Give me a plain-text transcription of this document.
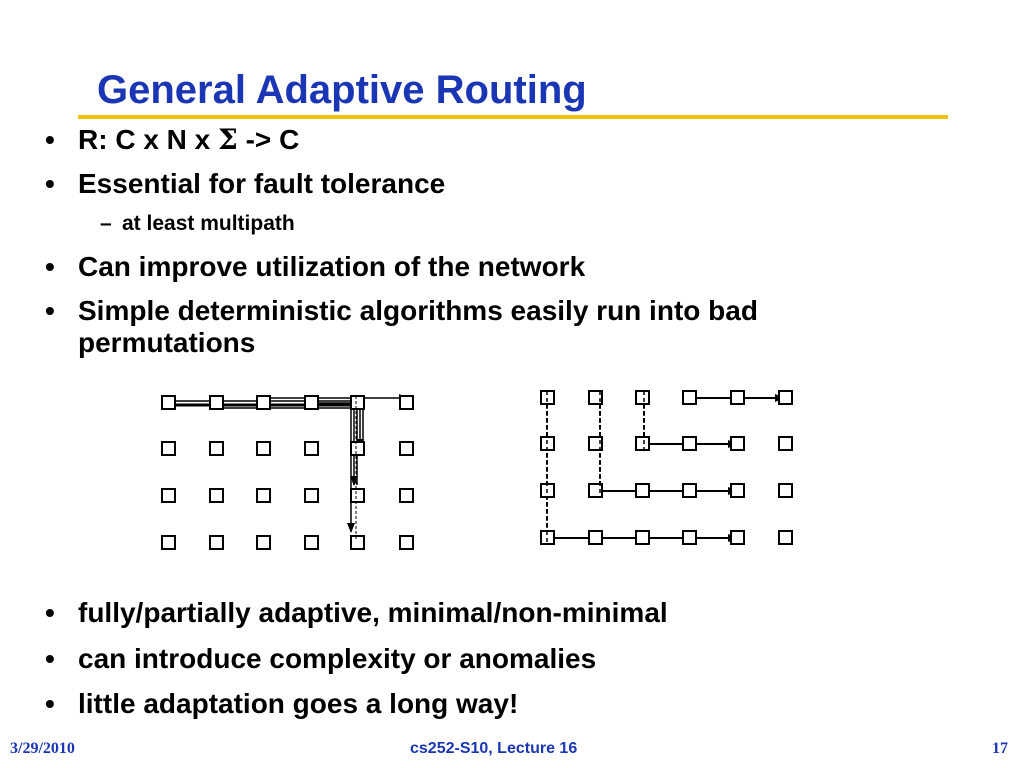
General Adaptive Routing
• R: C x N x Σ -> C
• Essential for fault tolerance
– at least multipath
• Can improve utilization of the network
• Simple deterministic algorithms easily run into bad
permutations
• fully/partially adaptive, minimal/non-minimal
• can introduce complexity or anomalies
• little adaptation goes a long way!
3/29/2010	cs252-S10, Lecture 16	17
